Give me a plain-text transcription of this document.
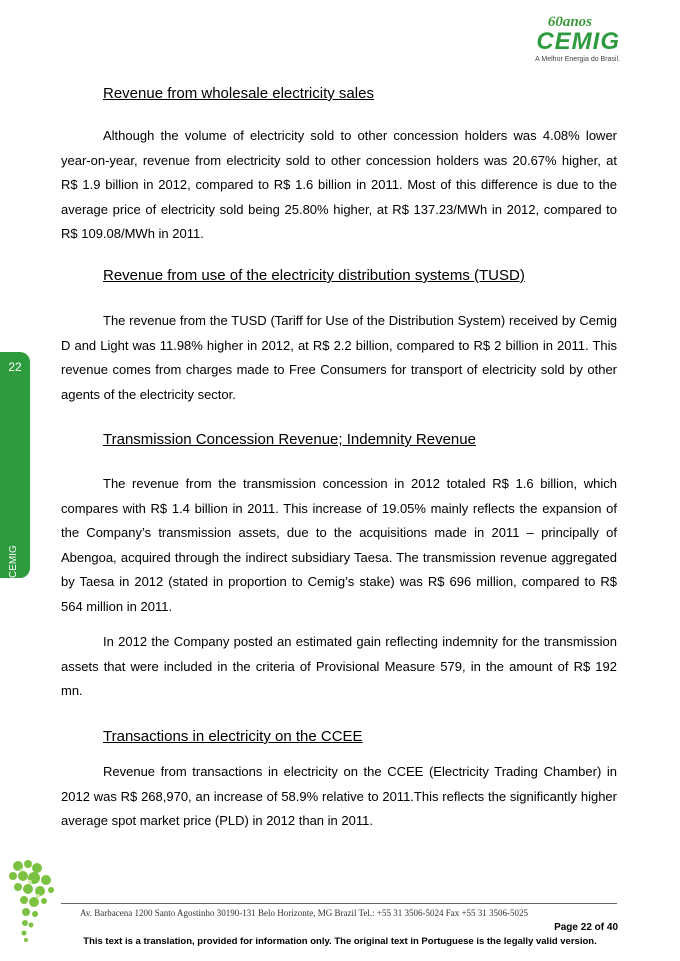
60anos
CEMIG
A Melhor Energia do Brasil.
22
CEMIG
Revenue from wholesale electricity sales

Although the volume of electricity sold to other concession holders was 4.08% lower year-on-year, revenue from electricity sold to other concession holders was 20.67% higher, at R$ 1.9 billion in 2012, compared to R$ 1.6 billion in 2011. Most of this difference is due to the average price of electricity sold being 25.80% higher, at R$ 137.23/MWh in 2012, compared to R$ 109.08/MWh in 2011.

Revenue from use of the electricity distribution systems (TUSD)

The revenue from the TUSD (Tariff for Use of the Distribution System) received by Cemig D and Light was 11.98% higher in 2012, at R$ 2.2 billion, compared to R$ 2 billion in 2011. This revenue comes from charges made to Free Consumers for transport of electricity sold by other agents of the electricity sector.

Transmission Concession Revenue; Indemnity Revenue

The revenue from the transmission concession in 2012 totaled R$ 1.6 billion, which compares with R$ 1.4 billion in 2011. This increase of 19.05% mainly reflects the expansion of the Company’s transmission assets, due to the acquisitions made in 2011 – principally of Abengoa, acquired through the indirect subsidiary Taesa. The transmission revenue aggregated by Taesa in 2012 (stated in proportion to Cemig’s stake) was R$ 696 million, compared to R$ 564 million in 2011.

In 2012 the Company posted an estimated gain reflecting indemnity for the transmission assets that were included in the criteria of Provisional Measure 579, in the amount of R$ 192 mn.

Transactions in electricity on the CCEE

Revenue from transactions in electricity on the CCEE (Electricity Trading Chamber) in 2012 was R$ 268,970, an increase of 58.9% relative to 2011.This reflects the significantly higher average spot market price (PLD) in 2012 than in 2011.

Av. Barbacena 1200 Santo Agostinho 30190-131 Belo Horizonte, MG Brazil Tel.: +55 31 3506-5024 Fax +55 31 3506-5025
Page 22 of 40
This text is a translation, provided for information only. The original text in Portuguese is the legally valid version.
